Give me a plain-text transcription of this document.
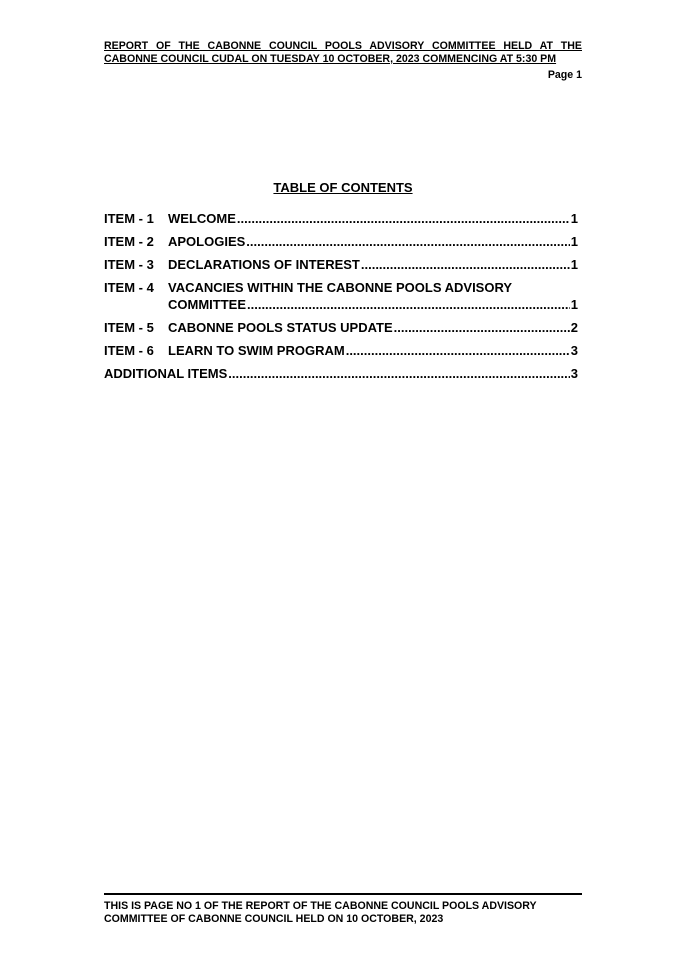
REPORT OF THE CABONNE COUNCIL POOLS ADVISORY COMMITTEE HELD AT THE CABONNE COUNCIL CUDAL ON TUESDAY 10 OCTOBER, 2023 COMMENCING AT 5:30 PM

Page 1
TABLE OF CONTENTS
ITEM - 1	WELCOME .....	1
ITEM - 2	APOLOGIES .....	1
ITEM - 3	DECLARATIONS OF INTEREST .....	1
ITEM - 4	VACANCIES WITHIN THE CABONNE POOLS ADVISORY
COMMITTEE .....	1
ITEM - 5	CABONNE POOLS STATUS UPDATE .....	2
ITEM - 6	LEARN TO SWIM PROGRAM .....	3
ADDITIONAL ITEMS .....	3

THIS IS PAGE NO 1 OF THE REPORT OF THE CABONNE COUNCIL POOLS ADVISORY COMMITTEE OF CABONNE COUNCIL HELD ON 10 OCTOBER, 2023
